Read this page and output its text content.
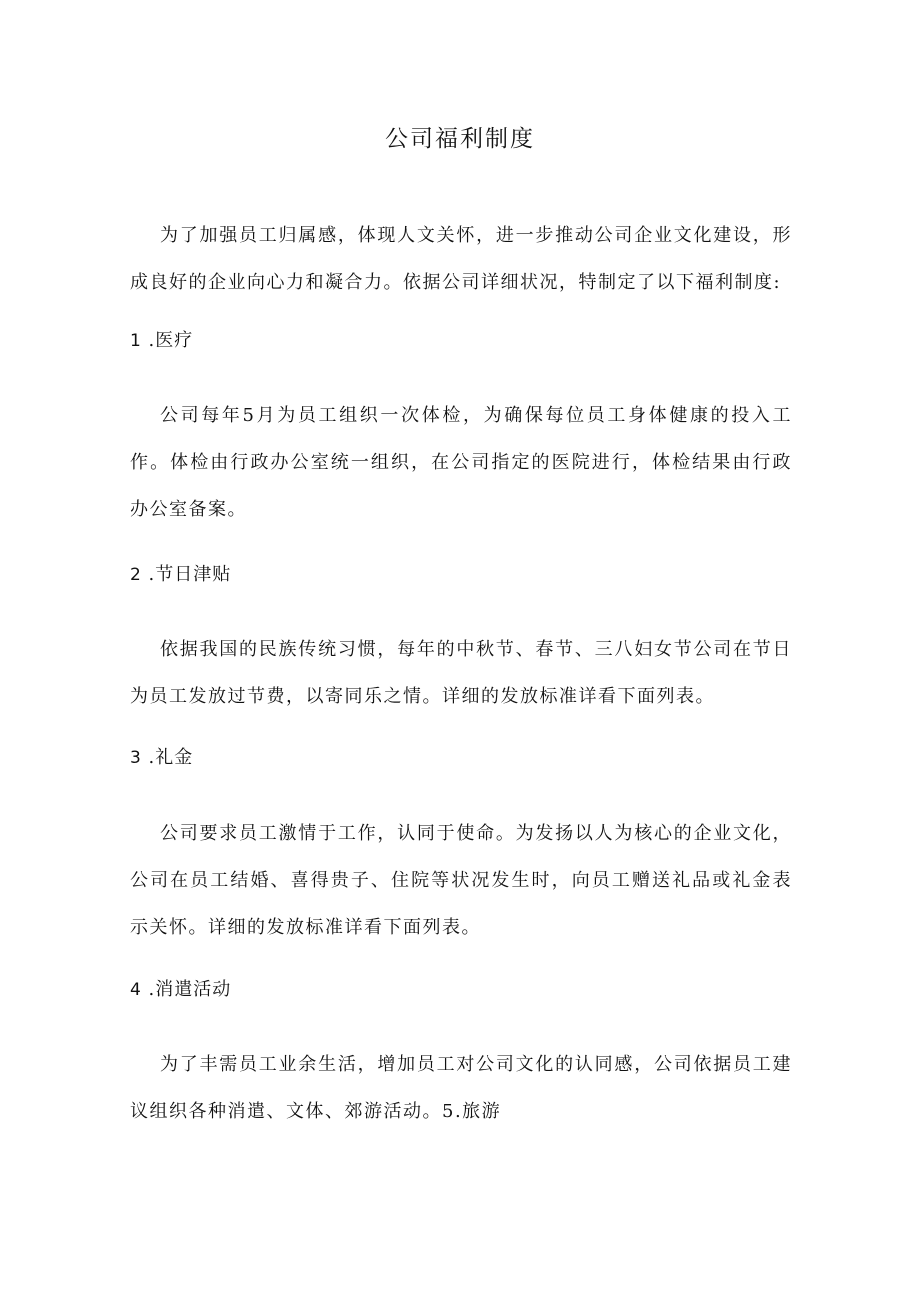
公司福利制度

为了加强员工归属感，体现人文关怀，进一步推动公司企业文化建设，形成良好的企业向心力和凝合力。依据公司详细状况，特制定了以下福利制度:

1 .医疗

公司每年5月为员工组织一次体检，为确保每位员工身体健康的投入工作。体检由行政办公室统一组织，在公司指定的医院进行，体检结果由行政办公室备案。

2 .节日津贴

依据我国的民族传统习惯，每年的中秋节、春节、三八妇女节公司在节日为员工发放过节费，以寄同乐之情。详细的发放标准详看下面列表。

3 .礼金

公司要求员工激情于工作，认同于使命。为发扬以人为核心的企业文化，公司在员工结婚、喜得贵子、住院等状况发生时，向员工赠送礼品或礼金表示关怀。详细的发放标准详看下面列表。

4 .消遣活动

为了丰需员工业余生活，增加员工对公司文化的认同感，公司依据员工建议组织各种消遣、文体、郊游活动。5.旅游
